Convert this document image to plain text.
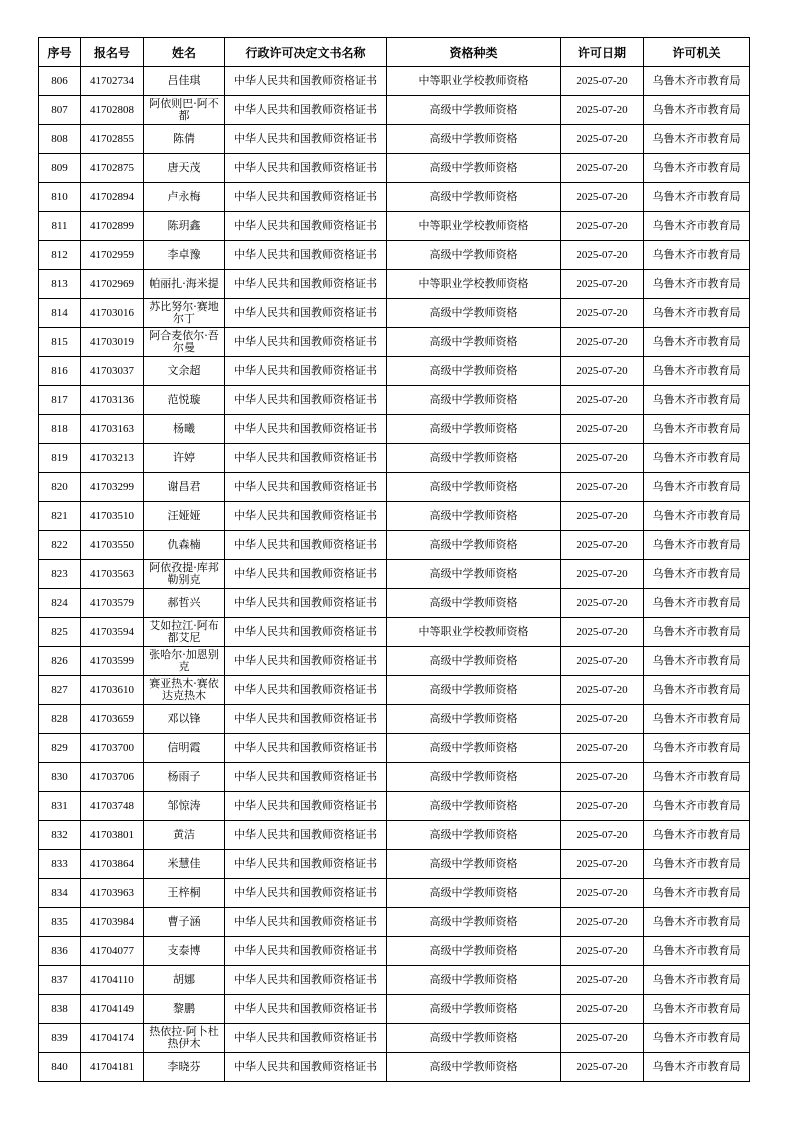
序号	报名号	姓名	行政许可决定文书名称	资格种类	许可日期	许可机关
806	41702734	吕佳琪	中华人民共和国教师资格证书	中等职业学校教师资格	2025-07-20	乌鲁木齐市教育局
807	41702808	阿依则巴·阿不都	中华人民共和国教师资格证书	高级中学教师资格	2025-07-20	乌鲁木齐市教育局
808	41702855	陈倩	中华人民共和国教师资格证书	高级中学教师资格	2025-07-20	乌鲁木齐市教育局
809	41702875	唐天茂	中华人民共和国教师资格证书	高级中学教师资格	2025-07-20	乌鲁木齐市教育局
810	41702894	卢永梅	中华人民共和国教师资格证书	高级中学教师资格	2025-07-20	乌鲁木齐市教育局
811	41702899	陈玥鑫	中华人民共和国教师资格证书	中等职业学校教师资格	2025-07-20	乌鲁木齐市教育局
812	41702959	李卓豫	中华人民共和国教师资格证书	高级中学教师资格	2025-07-20	乌鲁木齐市教育局
813	41702969	帕丽扎·海米提	中华人民共和国教师资格证书	中等职业学校教师资格	2025-07-20	乌鲁木齐市教育局
814	41703016	苏比努尔·赛地尔丁	中华人民共和国教师资格证书	高级中学教师资格	2025-07-20	乌鲁木齐市教育局
815	41703019	阿合麦依尔·吾尔曼	中华人民共和国教师资格证书	高级中学教师资格	2025-07-20	乌鲁木齐市教育局
816	41703037	文余超	中华人民共和国教师资格证书	高级中学教师资格	2025-07-20	乌鲁木齐市教育局
817	41703136	范悦璇	中华人民共和国教师资格证书	高级中学教师资格	2025-07-20	乌鲁木齐市教育局
818	41703163	杨曦	中华人民共和国教师资格证书	高级中学教师资格	2025-07-20	乌鲁木齐市教育局
819	41703213	许婷	中华人民共和国教师资格证书	高级中学教师资格	2025-07-20	乌鲁木齐市教育局
820	41703299	谢昌君	中华人民共和国教师资格证书	高级中学教师资格	2025-07-20	乌鲁木齐市教育局
821	41703510	汪娅娅	中华人民共和国教师资格证书	高级中学教师资格	2025-07-20	乌鲁木齐市教育局
822	41703550	仇森楠	中华人民共和国教师资格证书	高级中学教师资格	2025-07-20	乌鲁木齐市教育局
823	41703563	阿依孜提·库邦勒别克	中华人民共和国教师资格证书	高级中学教师资格	2025-07-20	乌鲁木齐市教育局
824	41703579	郝哲兴	中华人民共和国教师资格证书	高级中学教师资格	2025-07-20	乌鲁木齐市教育局
825	41703594	艾如拉江·阿布都艾尼	中华人民共和国教师资格证书	中等职业学校教师资格	2025-07-20	乌鲁木齐市教育局
826	41703599	张哈尔·加恩别克	中华人民共和国教师资格证书	高级中学教师资格	2025-07-20	乌鲁木齐市教育局
827	41703610	赛亚热木·赛依达克热木	中华人民共和国教师资格证书	高级中学教师资格	2025-07-20	乌鲁木齐市教育局
828	41703659	邓以锋	中华人民共和国教师资格证书	高级中学教师资格	2025-07-20	乌鲁木齐市教育局
829	41703700	信明霞	中华人民共和国教师资格证书	高级中学教师资格	2025-07-20	乌鲁木齐市教育局
830	41703706	杨雨子	中华人民共和国教师资格证书	高级中学教师资格	2025-07-20	乌鲁木齐市教育局
831	41703748	邹惊涛	中华人民共和国教师资格证书	高级中学教师资格	2025-07-20	乌鲁木齐市教育局
832	41703801	黄洁	中华人民共和国教师资格证书	高级中学教师资格	2025-07-20	乌鲁木齐市教育局
833	41703864	米慧佳	中华人民共和国教师资格证书	高级中学教师资格	2025-07-20	乌鲁木齐市教育局
834	41703963	王梓桐	中华人民共和国教师资格证书	高级中学教师资格	2025-07-20	乌鲁木齐市教育局
835	41703984	曹子涵	中华人民共和国教师资格证书	高级中学教师资格	2025-07-20	乌鲁木齐市教育局
836	41704077	支泰博	中华人民共和国教师资格证书	高级中学教师资格	2025-07-20	乌鲁木齐市教育局
837	41704110	胡娜	中华人民共和国教师资格证书	高级中学教师资格	2025-07-20	乌鲁木齐市教育局
838	41704149	黎鹏	中华人民共和国教师资格证书	高级中学教师资格	2025-07-20	乌鲁木齐市教育局
839	41704174	热依拉·阿卜杜热伊木	中华人民共和国教师资格证书	高级中学教师资格	2025-07-20	乌鲁木齐市教育局
840	41704181	李晓芬	中华人民共和国教师资格证书	高级中学教师资格	2025-07-20	乌鲁木齐市教育局
